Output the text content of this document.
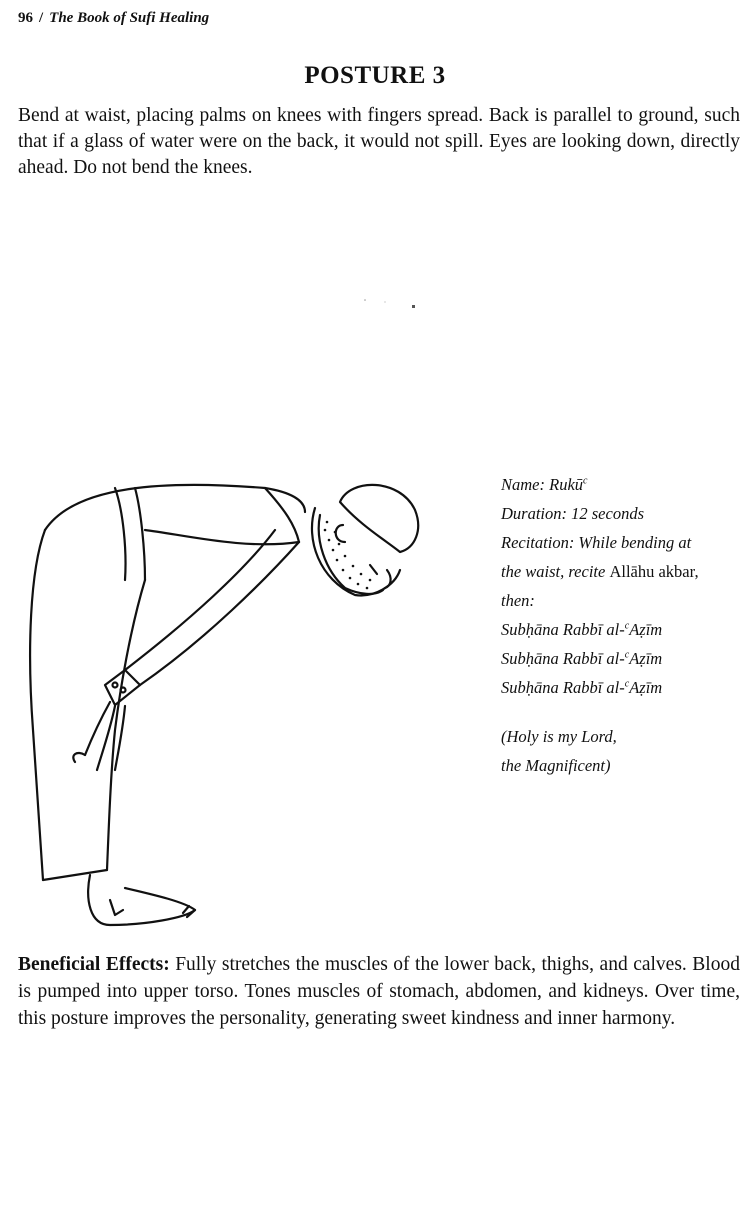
96 / The Book of Sufi Healing
POSTURE 3

Bend at waist, placing palms on knees with fingers spread. Back is parallel to ground, such that if a glass of water were on the back, it would not spill. Eyes are looking down, directly ahead. Do not bend the knees.

Name: Rukū$^c$
Duration: 12 seconds
Recitation: While bending at
the waist, recite Allāhu akbar,
then:
Subḥāna Rabbī al-$^c$Aẓīm
Subḥāna Rabbī al-$^c$Aẓīm
Subḥāna Rabbī al-$^c$Aẓīm
(Holy is my Lord,
the Magnificent)

Beneficial Effects: Fully stretches the muscles of the lower back, thighs, and calves. Blood is pumped into upper torso. Tones muscles of stomach, abdomen, and kidneys. Over time, this posture improves the personality, generating sweet kindness and inner harmony.
